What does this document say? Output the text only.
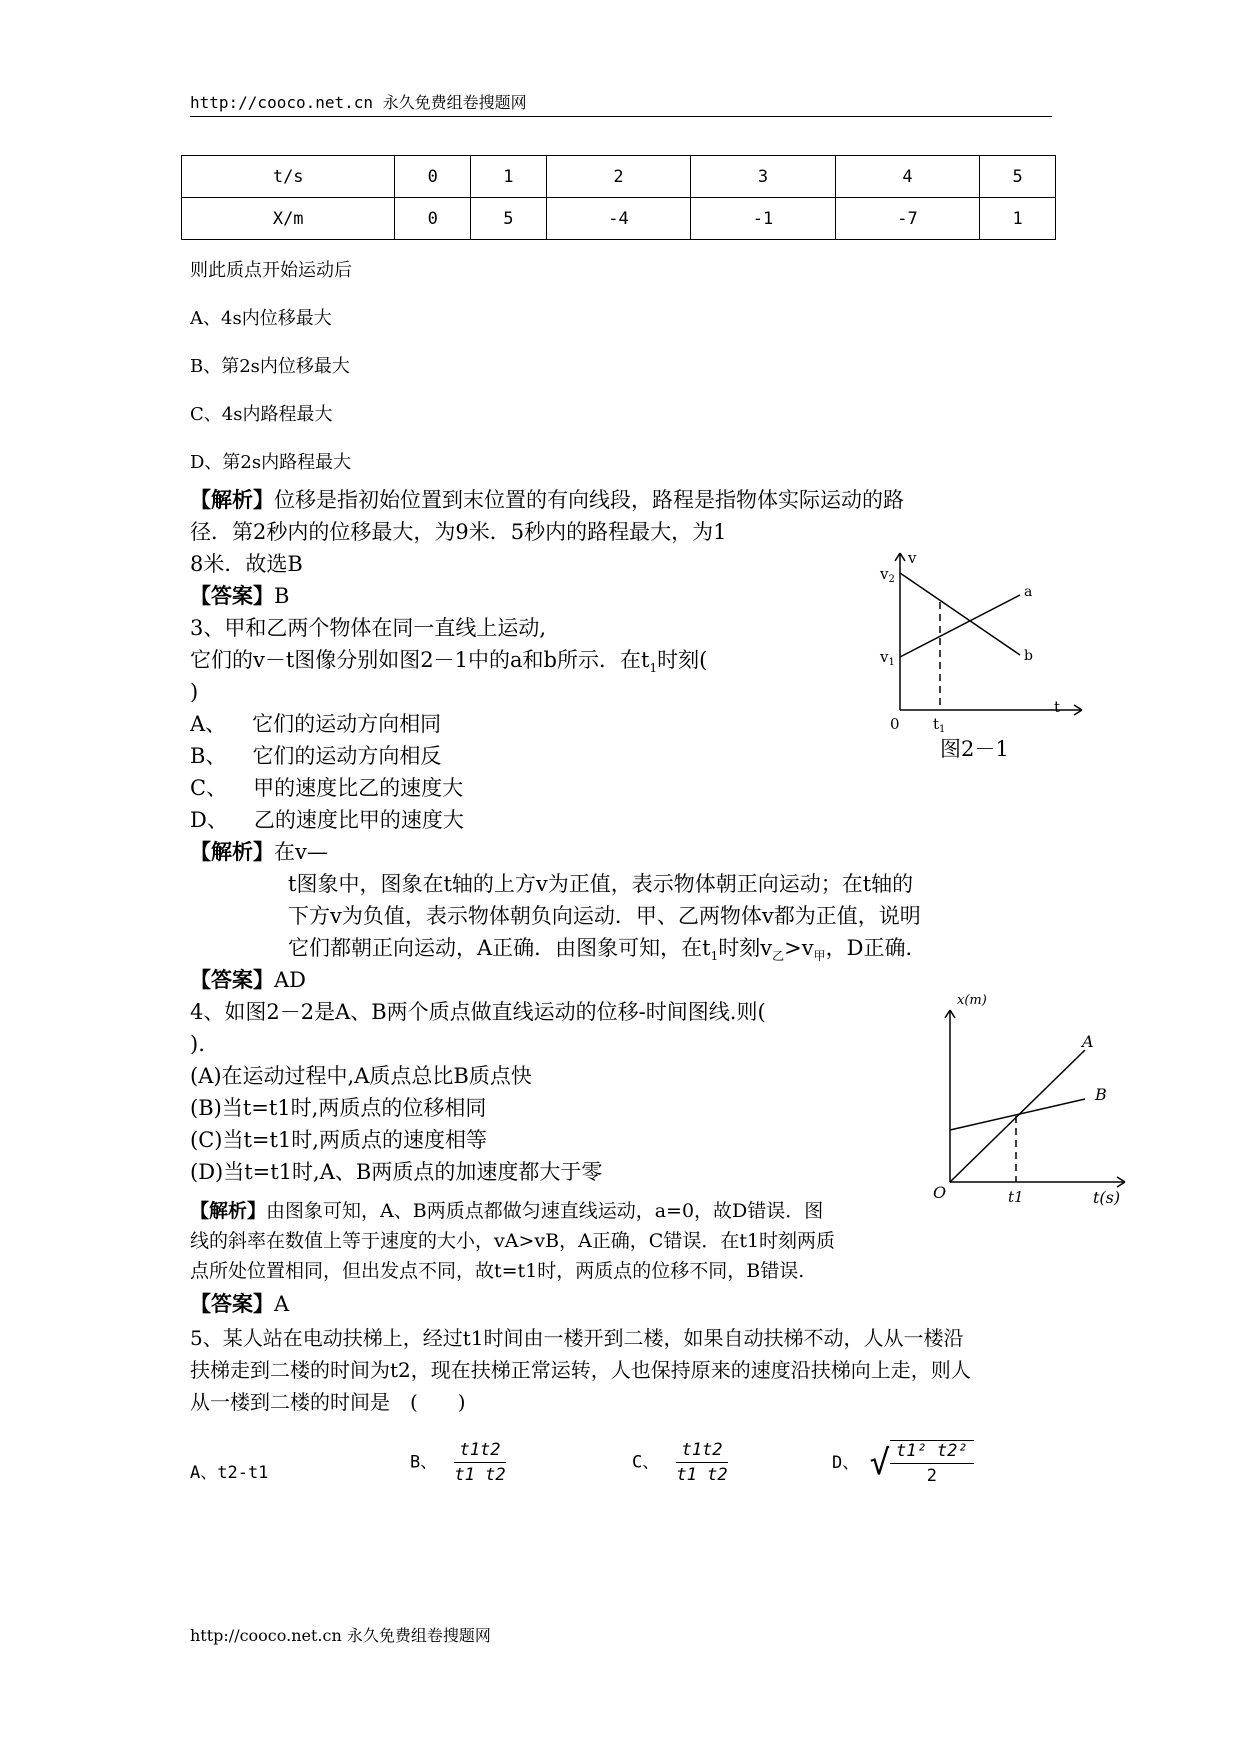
http://cooco.net.cn 永久免费组卷搜题网
t/s	0	1	2	3	4	5
X/m	0	5	-4	-1	-7	1
则此质点开始运动后
A、4s内位移最大
B、第2s内位移最大
C、4s内路程最大
D、第2s内路程最大
【解析】位移是指初始位置到末位置的有向线段，路程是指物体实际运动的路
径．第2秒内的位移最大，为9米．5秒内的路程最大，为1
8米．故选B
【答案】B
3、甲和乙两个物体在同一直线上运动,
它们的v－t图像分别如图2－1中的a和b所示．在$t_1$时刻(
)
A、 它们的运动方向相同
B、 它们的运动方向相反
C、 甲的速度比乙的速度大
D、 乙的速度比甲的速度大
【解析】在v—
t图象中，图象在t轴的上方v为正值，表示物体朝正向运动；在t轴的
下方v为负值，表示物体朝负向运动．甲、乙两物体v都为正值，说明
它们都朝正向运动，A正确．由图象可知，在$t_1$时刻$v_乙>v_甲$，D正确．
【答案】AD
v
t
0
$v_2$
$v_1$
$t_1$
a
b
图2－1
4、如图2－2是A、B两个质点做直线运动的位移-时间图线.则(
).
(A)在运动过程中,A质点总比B质点快
(B)当t=t1时,两质点的位移相同
(C)当t=t1时,两质点的速度相等
(D)当t=t1时,A、B两质点的加速度都大于零
【解析】由图象可知，A、B两质点都做匀速直线运动，a=0，故D错误．图
线的斜率在数值上等于速度的大小，vA>vB，A正确，C错误．在t1时刻两质
点所处位置相同，但出发点不同，故t=t1时，两质点的位移不同，B错误.
【答案】A
x(m)
t(s)
O	t1
A
B
5、某人站在电动扶梯上，经过t1时间由一楼开到二楼，如果自动扶梯不动，人从一楼沿
扶梯走到二楼的时间为t2，现在扶梯正常运转，人也保持原来的速度沿扶梯向上走，则人
从一楼到二楼的时间是　(　　)
A、t2-t1
B、 $\frac{t1t2}{t1 t2}$	C、 $\frac{t1t2}{t1 t2}$	D、 √ $\frac{\text{t1² t2²}}{2}$
http://cooco.net.cn 永久免费组卷搜题网
